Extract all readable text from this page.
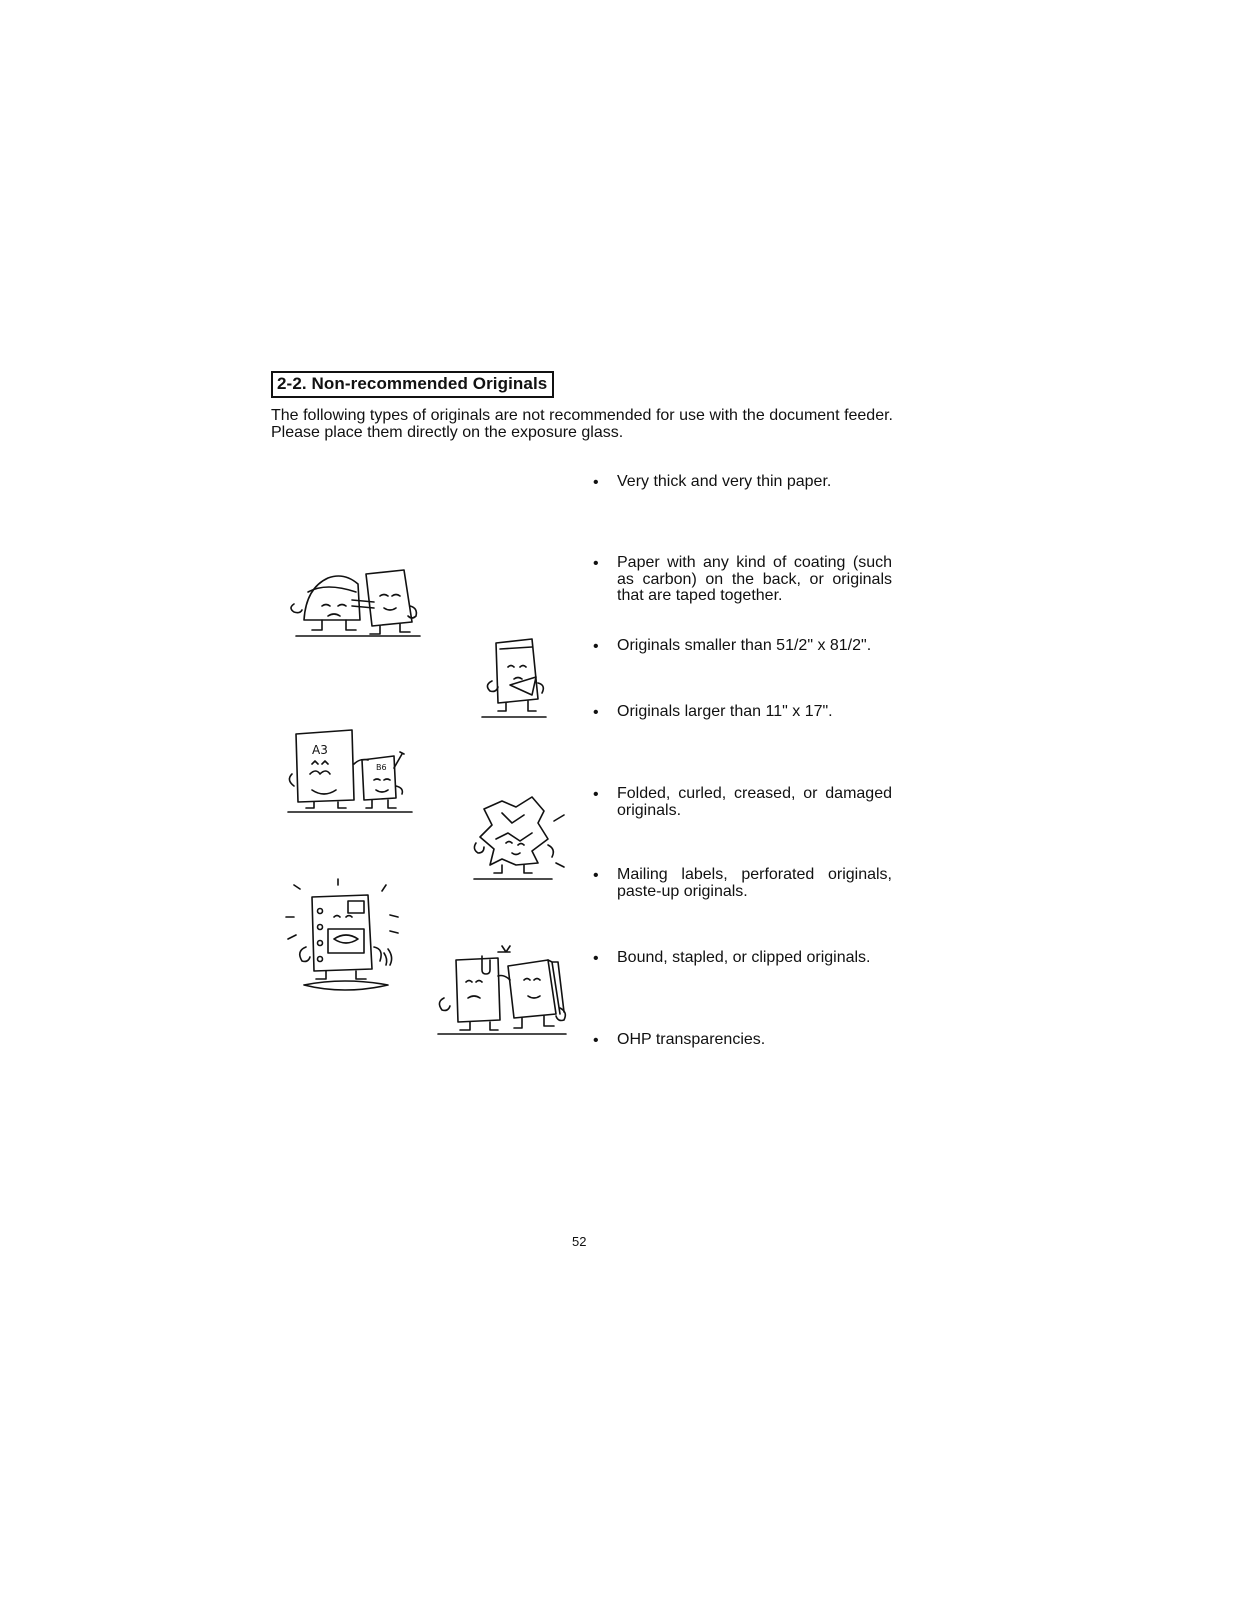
2-2. Non-recommended Originals
The following types of originals are not recommended for use with the document feeder. Please place them directly on the exposure glass.
• Very thick and very thin paper.
• Paper with any kind of coating (such as carbon) on the back, or originals that are taped together.
• Originals smaller than 51/2" x 81/2".
• Originals larger than 11" x 17".
• Folded, curled, creased, or damaged originals.
• Mailing labels, perforated originals, paste-up originals.
• Bound, stapled, or clipped originals.
• OHP transparencies.
A3
B6
52
